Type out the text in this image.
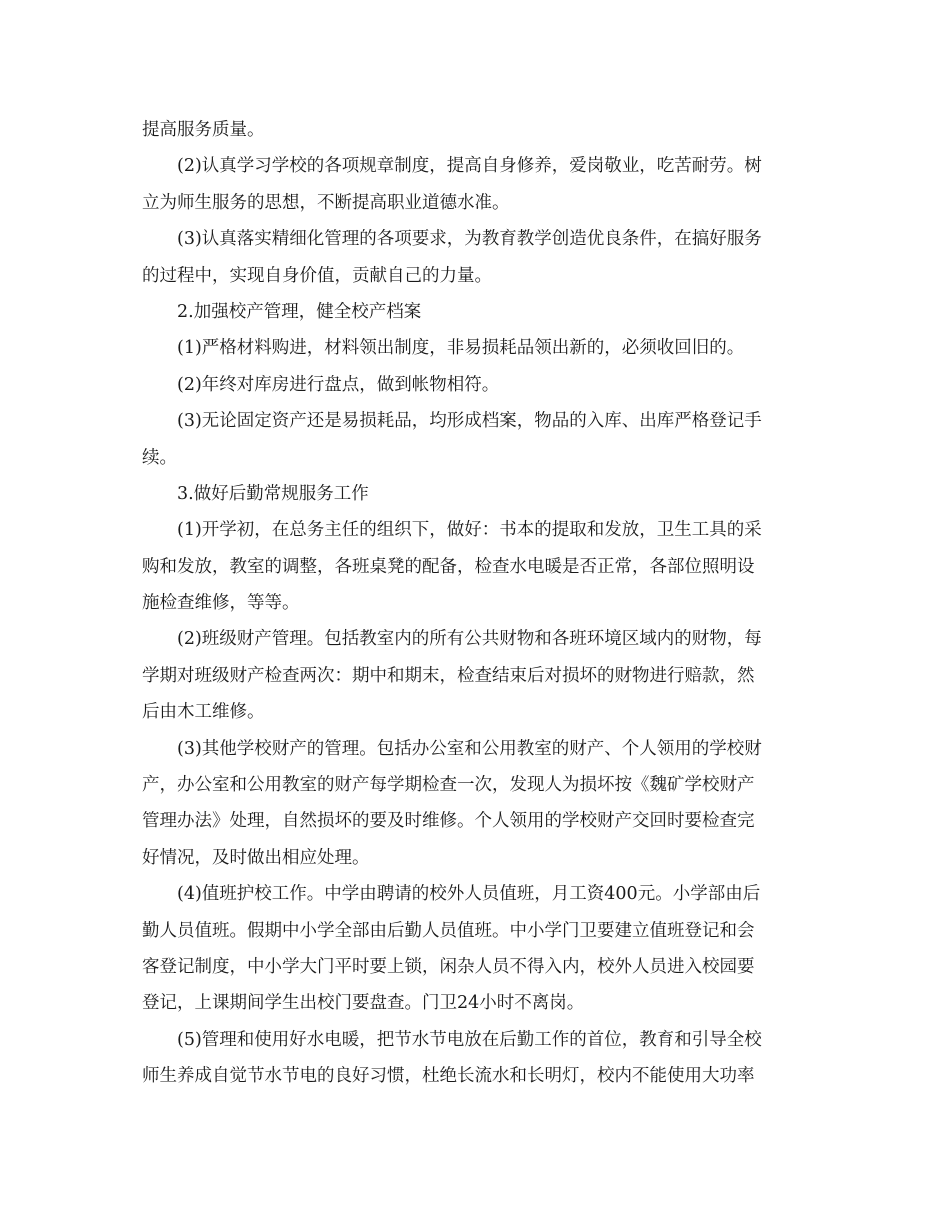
提高服务质量。
(2)认真学习学校的各项规章制度，提高自身修养，爱岗敬业，吃苦耐劳。树
立为师生服务的思想，不断提高职业道德水准。
(3)认真落实精细化管理的各项要求，为教育教学创造优良条件，在搞好服务
的过程中，实现自身价值，贡献自己的力量。
2.加强校产管理，健全校产档案
(1)严格材料购进，材料领出制度，非易损耗品领出新的，必须收回旧的。
(2)年终对库房进行盘点，做到帐物相符。
(3)无论固定资产还是易损耗品，均形成档案，物品的入库、出库严格登记手
续。
3.做好后勤常规服务工作
(1)开学初，在总务主任的组织下，做好：书本的提取和发放，卫生工具的采
购和发放，教室的调整，各班桌凳的配备，检查水电暖是否正常，各部位照明设
施检查维修，等等。
(2)班级财产管理。包括教室内的所有公共财物和各班环境区域内的财物，每
学期对班级财产检查两次：期中和期末，检查结束后对损坏的财物进行赔款，然
后由木工维修。
(3)其他学校财产的管理。包括办公室和公用教室的财产、个人领用的学校财
产，办公室和公用教室的财产每学期检查一次，发现人为损坏按《魏矿学校财产
管理办法》处理，自然损坏的要及时维修。个人领用的学校财产交回时要检查完
好情况，及时做出相应处理。
(4)值班护校工作。中学由聘请的校外人员值班，月工资400元。小学部由后
勤人员值班。假期中小学全部由后勤人员值班。中小学门卫要建立值班登记和会
客登记制度，中小学大门平时要上锁，闲杂人员不得入内，校外人员进入校园要
登记，上课期间学生出校门要盘查。门卫24小时不离岗。
(5)管理和使用好水电暖，把节水节电放在后勤工作的首位，教育和引导全校
师生养成自觉节水节电的良好习惯，杜绝长流水和长明灯，校内不能使用大功率
